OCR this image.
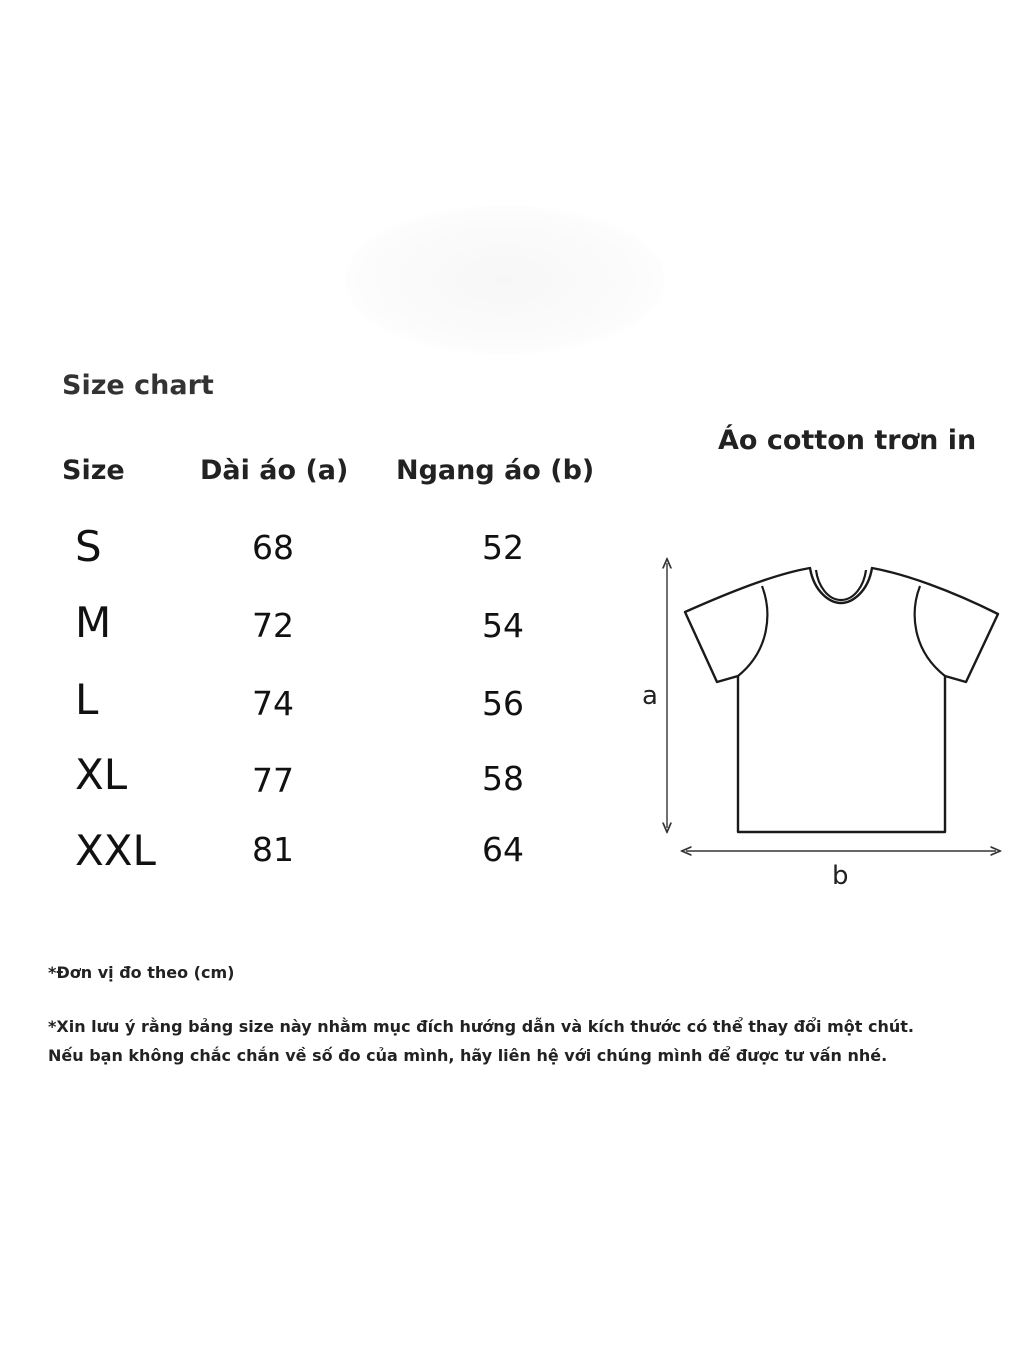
Size chart
Size	Dài áo (a) Ngang áo (b)
S	68	52
M	72	54
L	74	56
XL	77	58
XXL	81	64
Áo cotton trơn in
a
b
*Đơn vị đo theo (cm)
*Xin lưu ý rằng bảng size này nhằm mục đích hướng dẫn và kích thước có thể thay đổi một chút.
Nếu bạn không chắc chắn về số đo của mình, hãy liên hệ với chúng mình để được tư vấn nhé.
